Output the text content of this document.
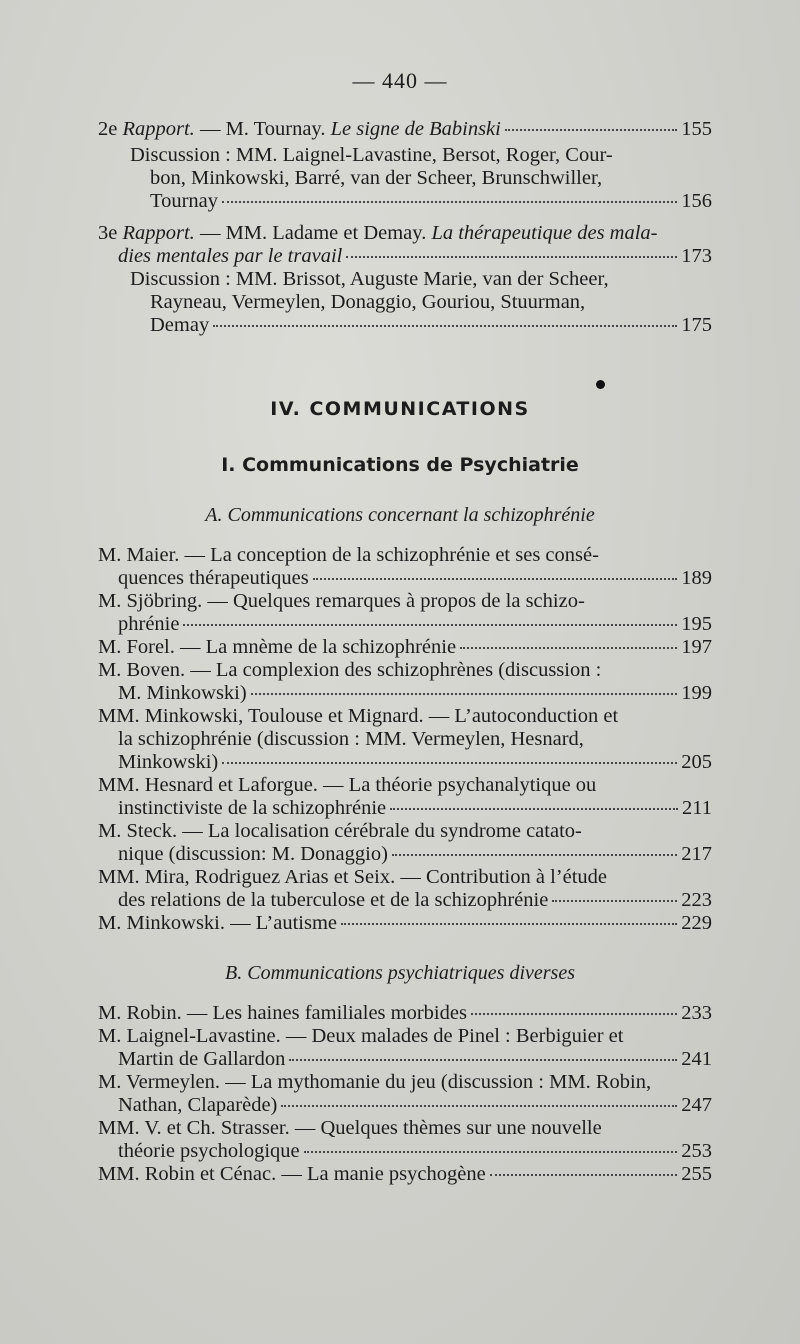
— 440 —
2e
Rapport.
— M. Tournay.
Le signe de Babinski	155
Discussion : MM. Laignel-Lavastine, Bersot, Roger, Cour-
bon, Minkowski, Barré, van der Scheer, Brunschwiller,
Tournay	156
3e
Rapport.
— MM. Ladame et Demay.
La thérapeutique des mala-
dies mentales par le travail	173
Discussion : MM. Brissot, Auguste Marie, van der Scheer,
Rayneau, Vermeylen, Donaggio, Gouriou, Stuurman,
Demay	175
IV. COMMUNICATIONS
I. Communications de Psychiatrie
A. Communications concernant la schizophrénie
M. Maier. — La conception de la schizophrénie et ses consé-
quences thérapeutiques	189
M. Sjöbring. — Quelques remarques à propos de la schizo-
phrénie	195
M. Forel. — La mnème de la schizophrénie	197
M. Boven. — La complexion des schizophrènes (discussion :
M. Minkowski)	199
MM. Minkowski, Toulouse et Mignard. — L’autoconduction et
la schizophrénie (discussion : MM. Vermeylen, Hesnard,
Minkowski)	205
MM. Hesnard et Laforgue. — La théorie psychanalytique ou
instinctiviste de la schizophrénie	211
M. Steck. — La localisation cérébrale du syndrome catato-
nique (discussion: M. Donaggio)	217
MM. Mira, Rodriguez Arias et Seix. — Contribution à l’étude
des relations de la tuberculose et de la schizophrénie	223
M. Minkowski. — L’autisme	229
B. Communications psychiatriques diverses
M. Robin. — Les haines familiales morbides	233
M. Laignel-Lavastine. — Deux malades de Pinel : Berbiguier et
Martin de Gallardon	241
M. Vermeylen. — La mythomanie du jeu (discussion : MM. Robin,
Nathan, Claparède)	247
MM. V. et Ch. Strasser. — Quelques thèmes sur une nouvelle
théorie psychologique	253
MM. Robin et Cénac. — La manie psychogène	255
